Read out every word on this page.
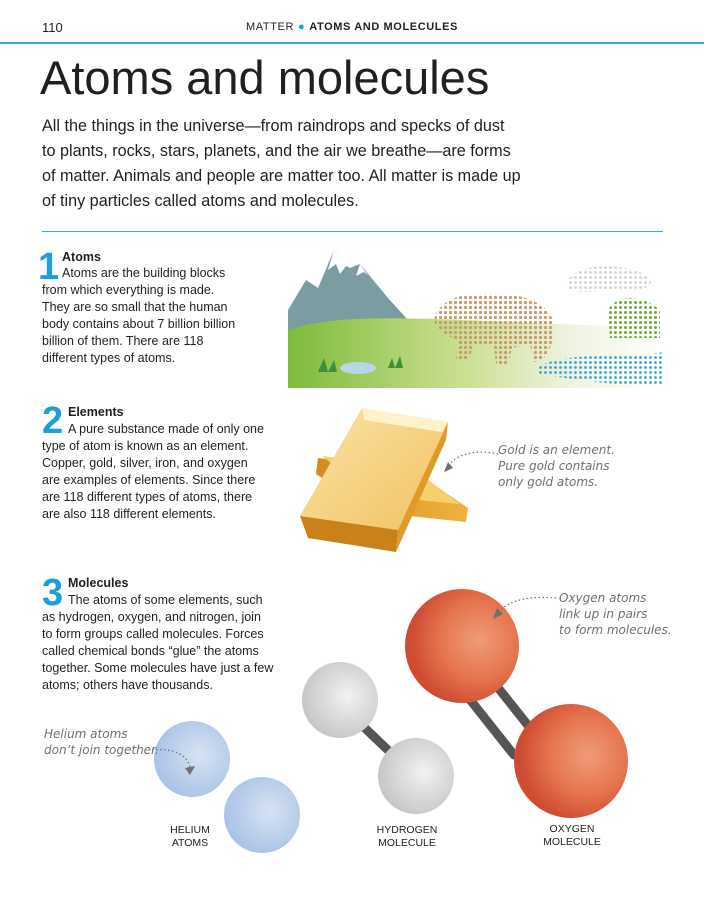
110	MATTER ● ATOMS AND MOLECULES
Atoms and molecules
All the things in the universe—from raindrops and specks of dust to plants, rocks, stars, planets, and the air we breathe—are forms of matter. Animals and people are matter too. All matter is made up of tiny particles called atoms and molecules.
1 Atoms
Atoms are the building blocks
from which everything is made.
They are so small that the human
body contains about 7 billion billion
billion of them. There are 118
different types of atoms.
2 Elements
A pure substance made of only one
type of atom is known as an element.
Copper, gold, silver, iron, and oxygen
are examples of elements. Since there
are 118 different types of atoms, there
are also 118 different elements.
3 Molecules
The atoms of some elements, such
as hydrogen, oxygen, and nitrogen, join
to form groups called molecules. Forces
called chemical bonds “glue” the atoms
together. Some molecules have just a few
atoms; others have thousands.
Gold is an element.
Pure gold contains
only gold atoms.
Oxygen atoms
link up in pairs
to form molecules.
Helium atoms
don’t join together.
HELIUM
ATOMS
HYDROGEN
MOLECULE
OXYGEN
MOLECULE
